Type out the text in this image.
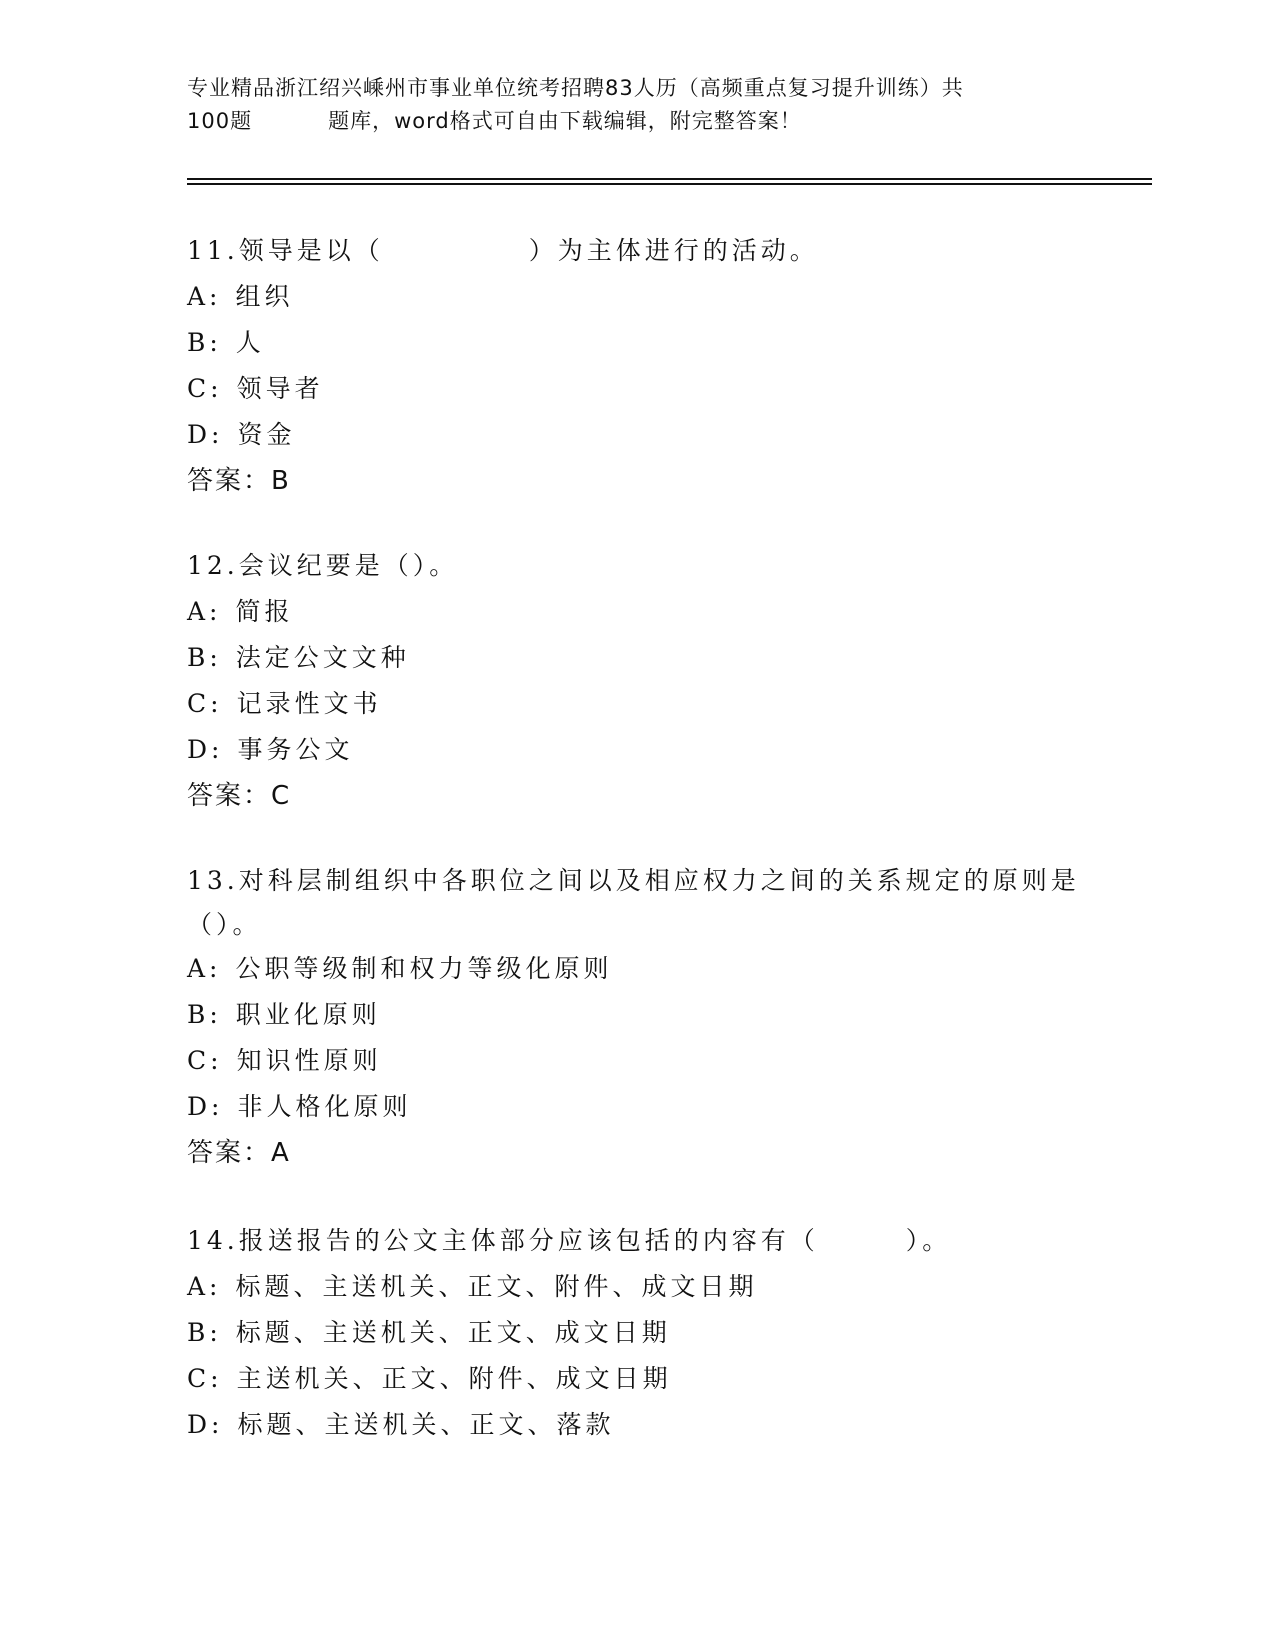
专业精品浙江绍兴嵊州市事业单位统考招聘83人历（高频重点复习提升训练）共
100题	题库，word格式可自由下载编辑，附完整答案！
11.领导是以（　　　　　）为主体进行的活动。
A: 组织
B: 人
C: 领导者
D: 资金
答案：B
12.会议纪要是（）。
A: 简报
B: 法定公文文种
C: 记录性文书
D: 事务公文
答案：C
13.对科层制组织中各职位之间以及相应权力之间的关系规定的原则是
（）。
A: 公职等级制和权力等级化原则
B: 职业化原则
C: 知识性原则
D: 非人格化原则
答案：A
14.报送报告的公文主体部分应该包括的内容有（　　　）。
A: 标题、主送机关、正文、附件、成文日期
B: 标题、主送机关、正文、成文日期
C: 主送机关、正文、附件、成文日期
D: 标题、主送机关、正文、落款
